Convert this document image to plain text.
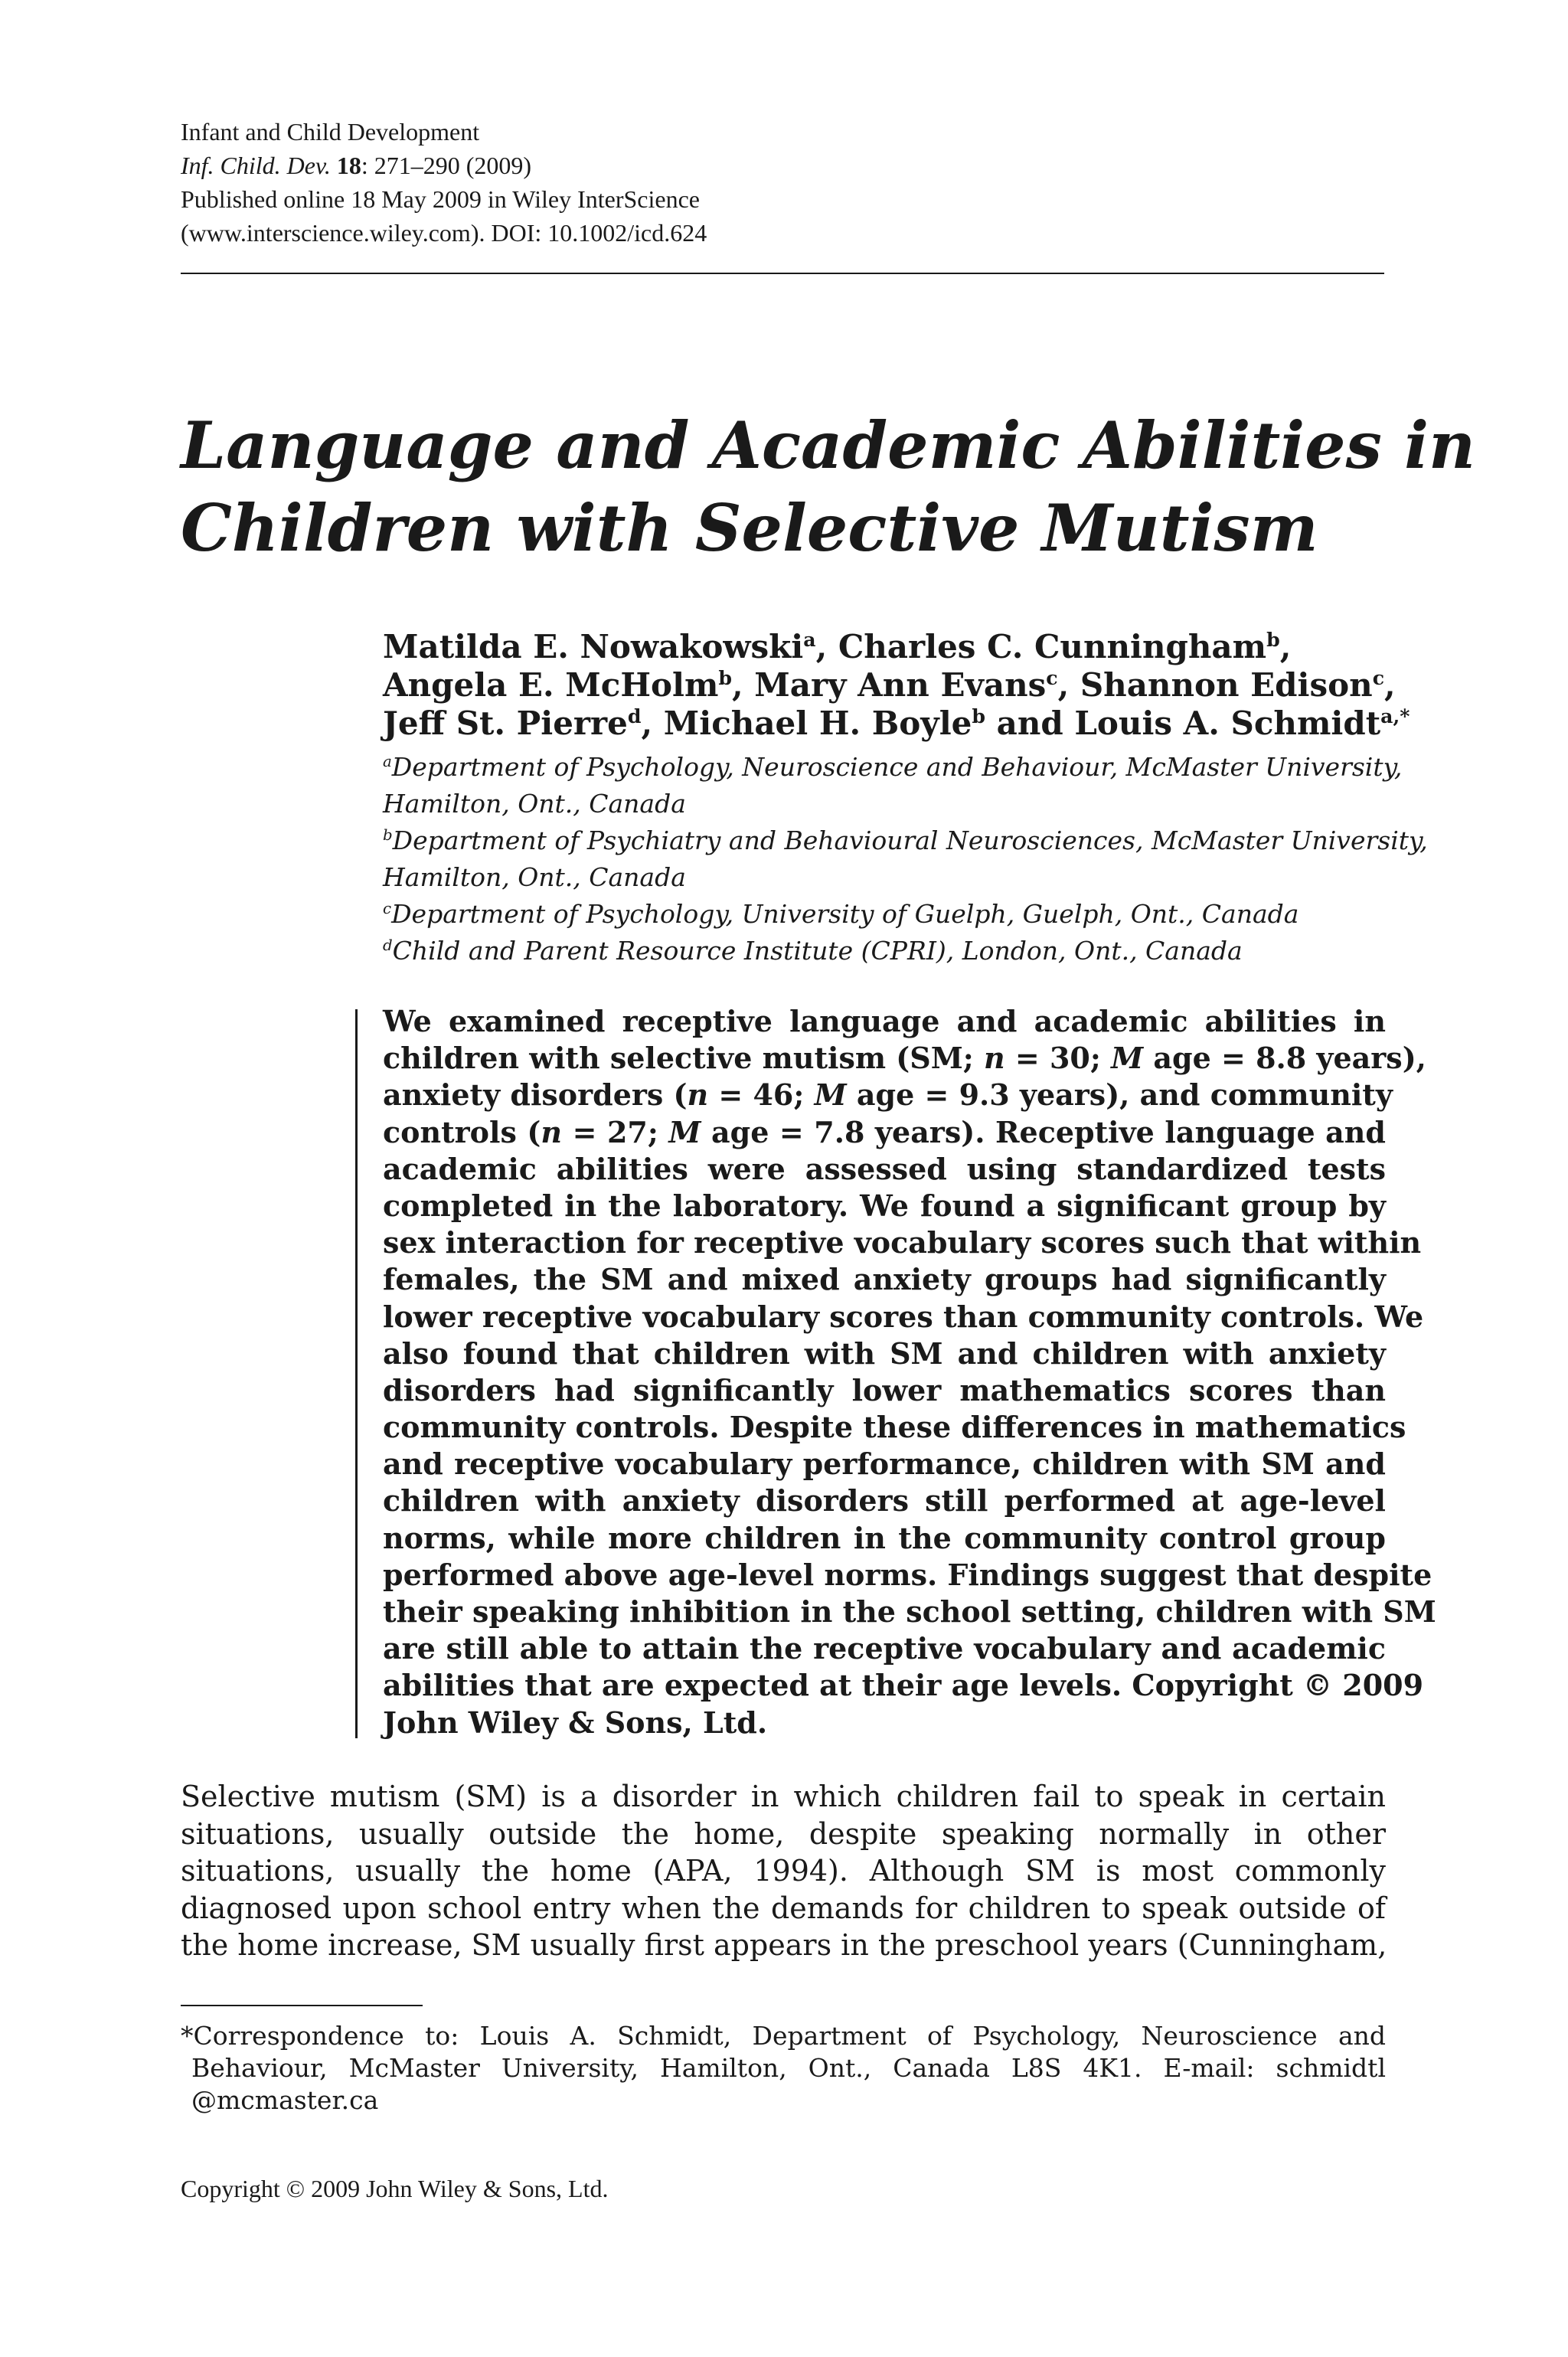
Infant and Child Development
Inf. Child. Dev. 18: 271–290 (2009)
Published online 18 May 2009 in Wiley InterScience
(www.interscience.wiley.com). DOI: 10.1002/icd.624
Language and Academic Abilities in
Children with Selective Mutism
Matilda E. Nowakowski$^a$, Charles C. Cunningham$^b$,
Angela E. McHolm$^b$, Mary Ann Evans$^c$, Shannon Edison$^c$,
Jeff St. Pierre$^d$, Michael H. Boyle$^b$ and Louis A. Schmidt$^{a,*}$
$^a$Department of Psychology, Neuroscience and Behaviour, McMaster University,
Hamilton, Ont., Canada
$^b$Department of Psychiatry and Behavioural Neurosciences, McMaster University,
Hamilton, Ont., Canada
$^c$Department of Psychology, University of Guelph, Guelph, Ont., Canada
$^d$Child and Parent Resource Institute (CPRI), London, Ont., Canada
We examined receptive language and academic abilities in
children with selective mutism (SM; n = 30; M age = 8.8 years),
anxiety disorders (n = 46; M age = 9.3 years), and community
controls (n = 27; M age = 7.8 years). Receptive language and
academic abilities were assessed using standardized tests
completed in the laboratory. We found a significant group by
sex interaction for receptive vocabulary scores such that within
females, the SM and mixed anxiety groups had significantly
lower receptive vocabulary scores than community controls. We
also found that children with SM and children with anxiety
disorders had significantly lower mathematics scores than
community controls. Despite these differences in mathematics
and receptive vocabulary performance, children with SM and
children with anxiety disorders still performed at age-level
norms, while more children in the community control group
performed above age-level norms. Findings suggest that despite
their speaking inhibition in the school setting, children with SM
are still able to attain the receptive vocabulary and academic
abilities that are expected at their age levels. Copyright © 2009
John Wiley & Sons, Ltd.
Selective mutism (SM) is a disorder in which children fail to speak in certain
situations, usually outside the home, despite speaking normally in other
situations, usually the home (APA, 1994). Although SM is most commonly
diagnosed upon school entry when the demands for children to speak outside of
the home increase, SM usually first appears in the preschool years (Cunningham,
*Correspondence to: Louis A. Schmidt, Department of Psychology, Neuroscience and
Behaviour, McMaster University, Hamilton, Ont., Canada L8S 4K1. E-mail: schmidtl
@mcmaster.ca
Copyright © 2009 John Wiley & Sons, Ltd.
